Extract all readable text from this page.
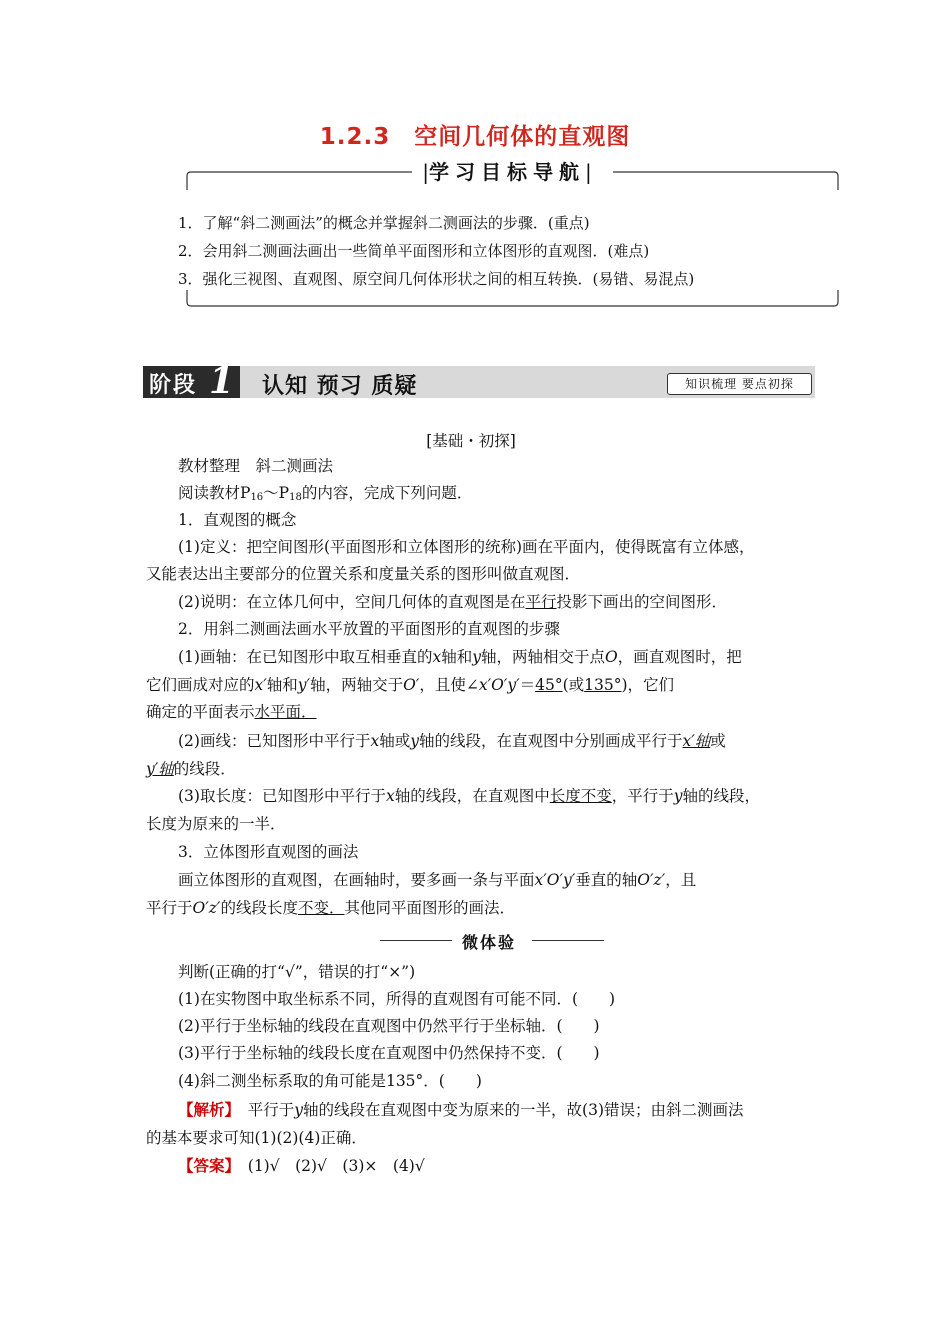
1.2.3　空间几何体的直观图
|学习目标导航|
1．了解“斜二测画法”的概念并掌握斜二测画法的步骤．(重点)
2．会用斜二测画法画出一些简单平面图形和立体图形的直观图．(难点)
3．强化三视图、直观图、原空间几何体形状之间的相互转换．(易错、易混点)
阶段 1 认知 预习 质疑	知识梳理 要点初探
[基础・初探]
教材整理　斜二测画法
阅读教材$P_{16}\sim P_{18}$的内容，完成下列问题．
1．直观图的概念
(1)定义：把空间图形(平面图形和立体图形的统称)画在平面内，使得既富有立体感，
又能表达出主要部分的位置关系和度量关系的图形叫做直观图．
(2)说明：在立体几何中，空间几何体的直观图是在平行投影下画出的空间图形．
2．用斜二测画法画水平放置的平面图形的直观图的步骤
(1)画轴：在已知图形中取互相垂直的x轴和y轴，两轴相交于点O，画直观图时，把
它们画成对应的x′轴和y′轴，两轴交于O′，且使∠x′O′y′＝45°(或135°)，它们
确定的平面表示水平面．
(2)画线：已知图形中平行于x轴或y轴的线段，在直观图中分别画成平行于x′轴或
y′轴的线段．
(3)取长度：已知图形中平行于x轴的线段，在直观图中长度不变，平行于y轴的线段，
长度为原来的一半．
3．立体图形直观图的画法
画立体图形的直观图，在画轴时，要多画一条与平面x′O′y′垂直的轴O′z′，且
平行于O′z′的线段长度不变．其他同平面图形的画法．
微体验
判断(正确的打“√”，错误的打“×”)
(1)在实物图中取坐标系不同，所得的直观图有可能不同．(　　)
(2)平行于坐标轴的线段在直观图中仍然平行于坐标轴．(　　)
(3)平行于坐标轴的线段长度在直观图中仍然保持不变．(　　)
(4)斜二测坐标系取的角可能是135°．(　　)
【解析】　平行于y轴的线段在直观图中变为原来的一半，故(3)错误；由斜二测画法
的基本要求可知(1)(2)(4)正确．
【答案】　(1)√　(2)√　(3)×　(4)√
